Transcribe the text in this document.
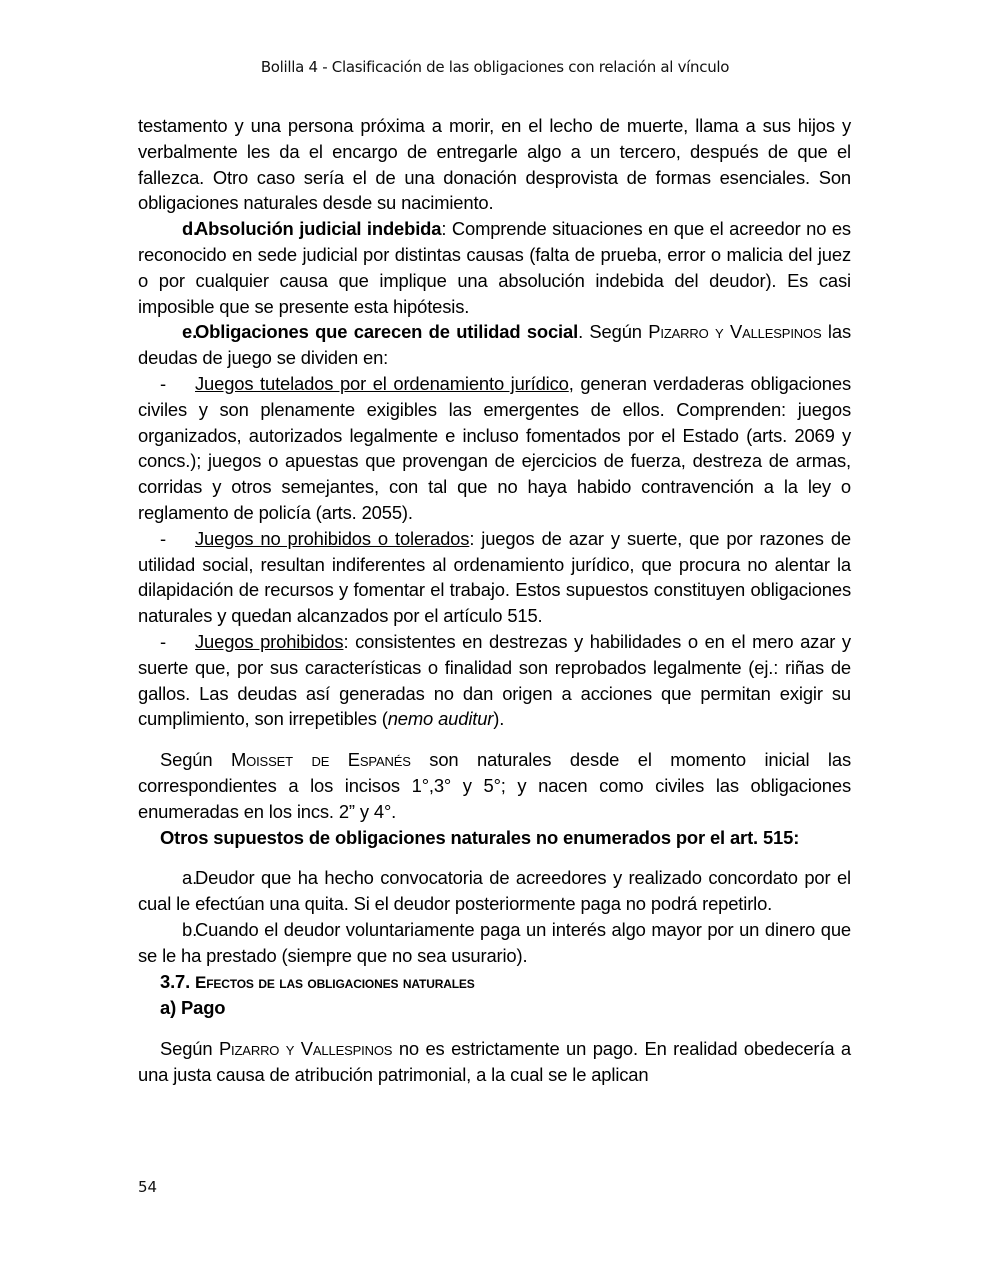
Bolilla 4 - Clasificación de las obligaciones con relación al vínculo

testamento y una persona próxima a morir, en el lecho de muerte, llama a sus hijos y verbalmente les da el encargo de entregarle algo a un tercero, después de que el fallezca. Otro caso sería el de una donación desprovista de formas esenciales. Son obligaciones naturales desde su nacimiento.

d.Absolución judicial indebida: Comprende situaciones en que el acreedor no es reconocido en sede judicial por distintas causas (falta de prueba, error o malicia del juez o por cualquier causa que implique una absolución indebida del deudor). Es casi imposible que se presente esta hipótesis.

e.Obligaciones que carecen de utilidad social. Según Pizarro y Vallespinos las deudas de juego se dividen en:

- Juegos tutelados por el ordenamiento jurídico, generan verdaderas obligaciones civiles y son plenamente exigibles las emergentes de ellos. Comprenden: juegos organizados, autorizados legalmente e incluso fomentados por el Estado (arts. 2069 y concs.); juegos o apuestas que provengan de ejercicios de fuerza, destreza de armas, corridas y otros semejantes, con tal que no haya habido contravención a la ley o reglamento de policía (arts. 2055).

- Juegos no prohibidos o tolerados: juegos de azar y suerte, que por razones de utilidad social, resultan indiferentes al ordenamiento jurídico, que procura no alentar la dilapidación de recursos y fomentar el trabajo. Estos supuestos constituyen obligaciones naturales y quedan alcanzados por el artículo 515.

- Juegos prohibidos: consistentes en destrezas y habilidades o en el mero azar y suerte que, por sus características o finalidad son reprobados legalmente (ej.: riñas de gallos. Las deudas así generadas no dan origen a acciones que permitan exigir su cumplimiento, son irrepetibles (nemo auditur).

Según Moisset de Espanés son naturales desde el momento inicial las correspondientes a los incisos 1°,3° y 5°; y nacen como civiles las obligaciones enumeradas en los incs. 2” y 4°.

Otros supuestos de obligaciones naturales no enumerados por el art. 515:

a.Deudor que ha hecho convocatoria de acreedores y realizado concordato por el cual le efectúan una quita. Si el deudor posteriormente paga no podrá repetirlo.

b.Cuando el deudor voluntariamente paga un interés algo mayor por un dinero que se le ha prestado (siempre que no sea usurario).

3.7. Efectos de las obligaciones naturales

a) Pago

Según Pizarro y Vallespinos no es estrictamente un pago. En realidad obedecería a una justa causa de atribución patrimonial, a la cual se le aplican

54
